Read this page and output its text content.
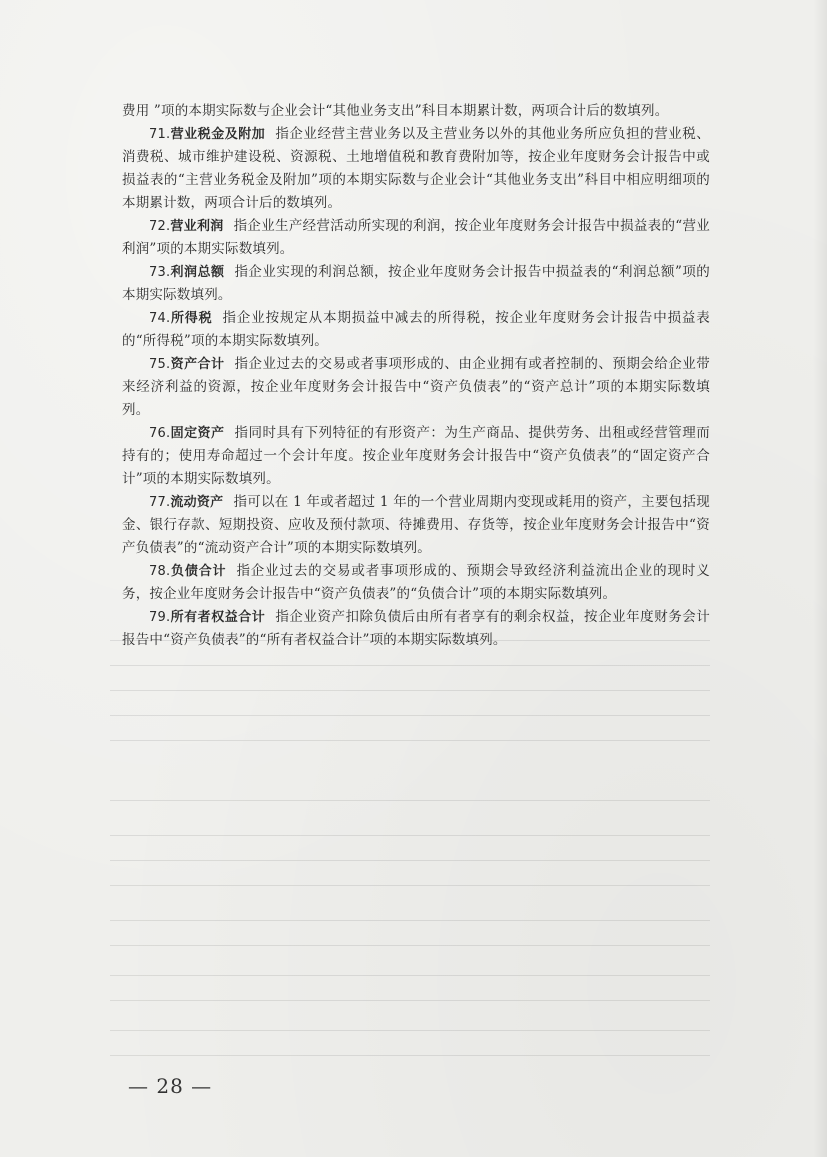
费用 ”项的本期实际数与企业会计“其他业务支出”科目本期累计数，两项合计后的数填列。

71.营业税金及附加 指企业经营主营业务以及主营业务以外的其他业务所应负担的营业税、消费税、城市维护建设税、资源税、土地增值税和教育费附加等，按企业年度财务会计报告中或损益表的“主营业务税金及附加”项的本期实际数与企业会计“其他业务支出”科目中相应明细项的本期累计数，两项合计后的数填列。

72.营业利润 指企业生产经营活动所实现的利润，按企业年度财务会计报告中损益表的“营业利润”项的本期实际数填列。

73.利润总额 指企业实现的利润总额，按企业年度财务会计报告中损益表的“利润总额”项的本期实际数填列。

74.所得税 指企业按规定从本期损益中减去的所得税，按企业年度财务会计报告中损益表的“所得税”项的本期实际数填列。

75.资产合计 指企业过去的交易或者事项形成的、由企业拥有或者控制的、预期会给企业带来经济利益的资源，按企业年度财务会计报告中“资产负债表”的“资产总计”项的本期实际数填列。

76.固定资产 指同时具有下列特征的有形资产：为生产商品、提供劳务、出租或经营管理而持有的；使用寿命超过一个会计年度。按企业年度财务会计报告中“资产负债表”的“固定资产合计”项的本期实际数填列。

77.流动资产 指可以在 1 年或者超过 1 年的一个营业周期内变现或耗用的资产，主要包括现金、银行存款、短期投资、应收及预付款项、待摊费用、存货等，按企业年度财务会计报告中“资产负债表”的“流动资产合计”项的本期实际数填列。

78.负债合计 指企业过去的交易或者事项形成的、预期会导致经济利益流出企业的现时义务，按企业年度财务会计报告中“资产负债表”的“负债合计”项的本期实际数填列。

79.所有者权益合计 指企业资产扣除负债后由所有者享有的剩余权益，按企业年度财务会计报告中“资产负债表”的“所有者权益合计”项的本期实际数填列。

— 28 —
